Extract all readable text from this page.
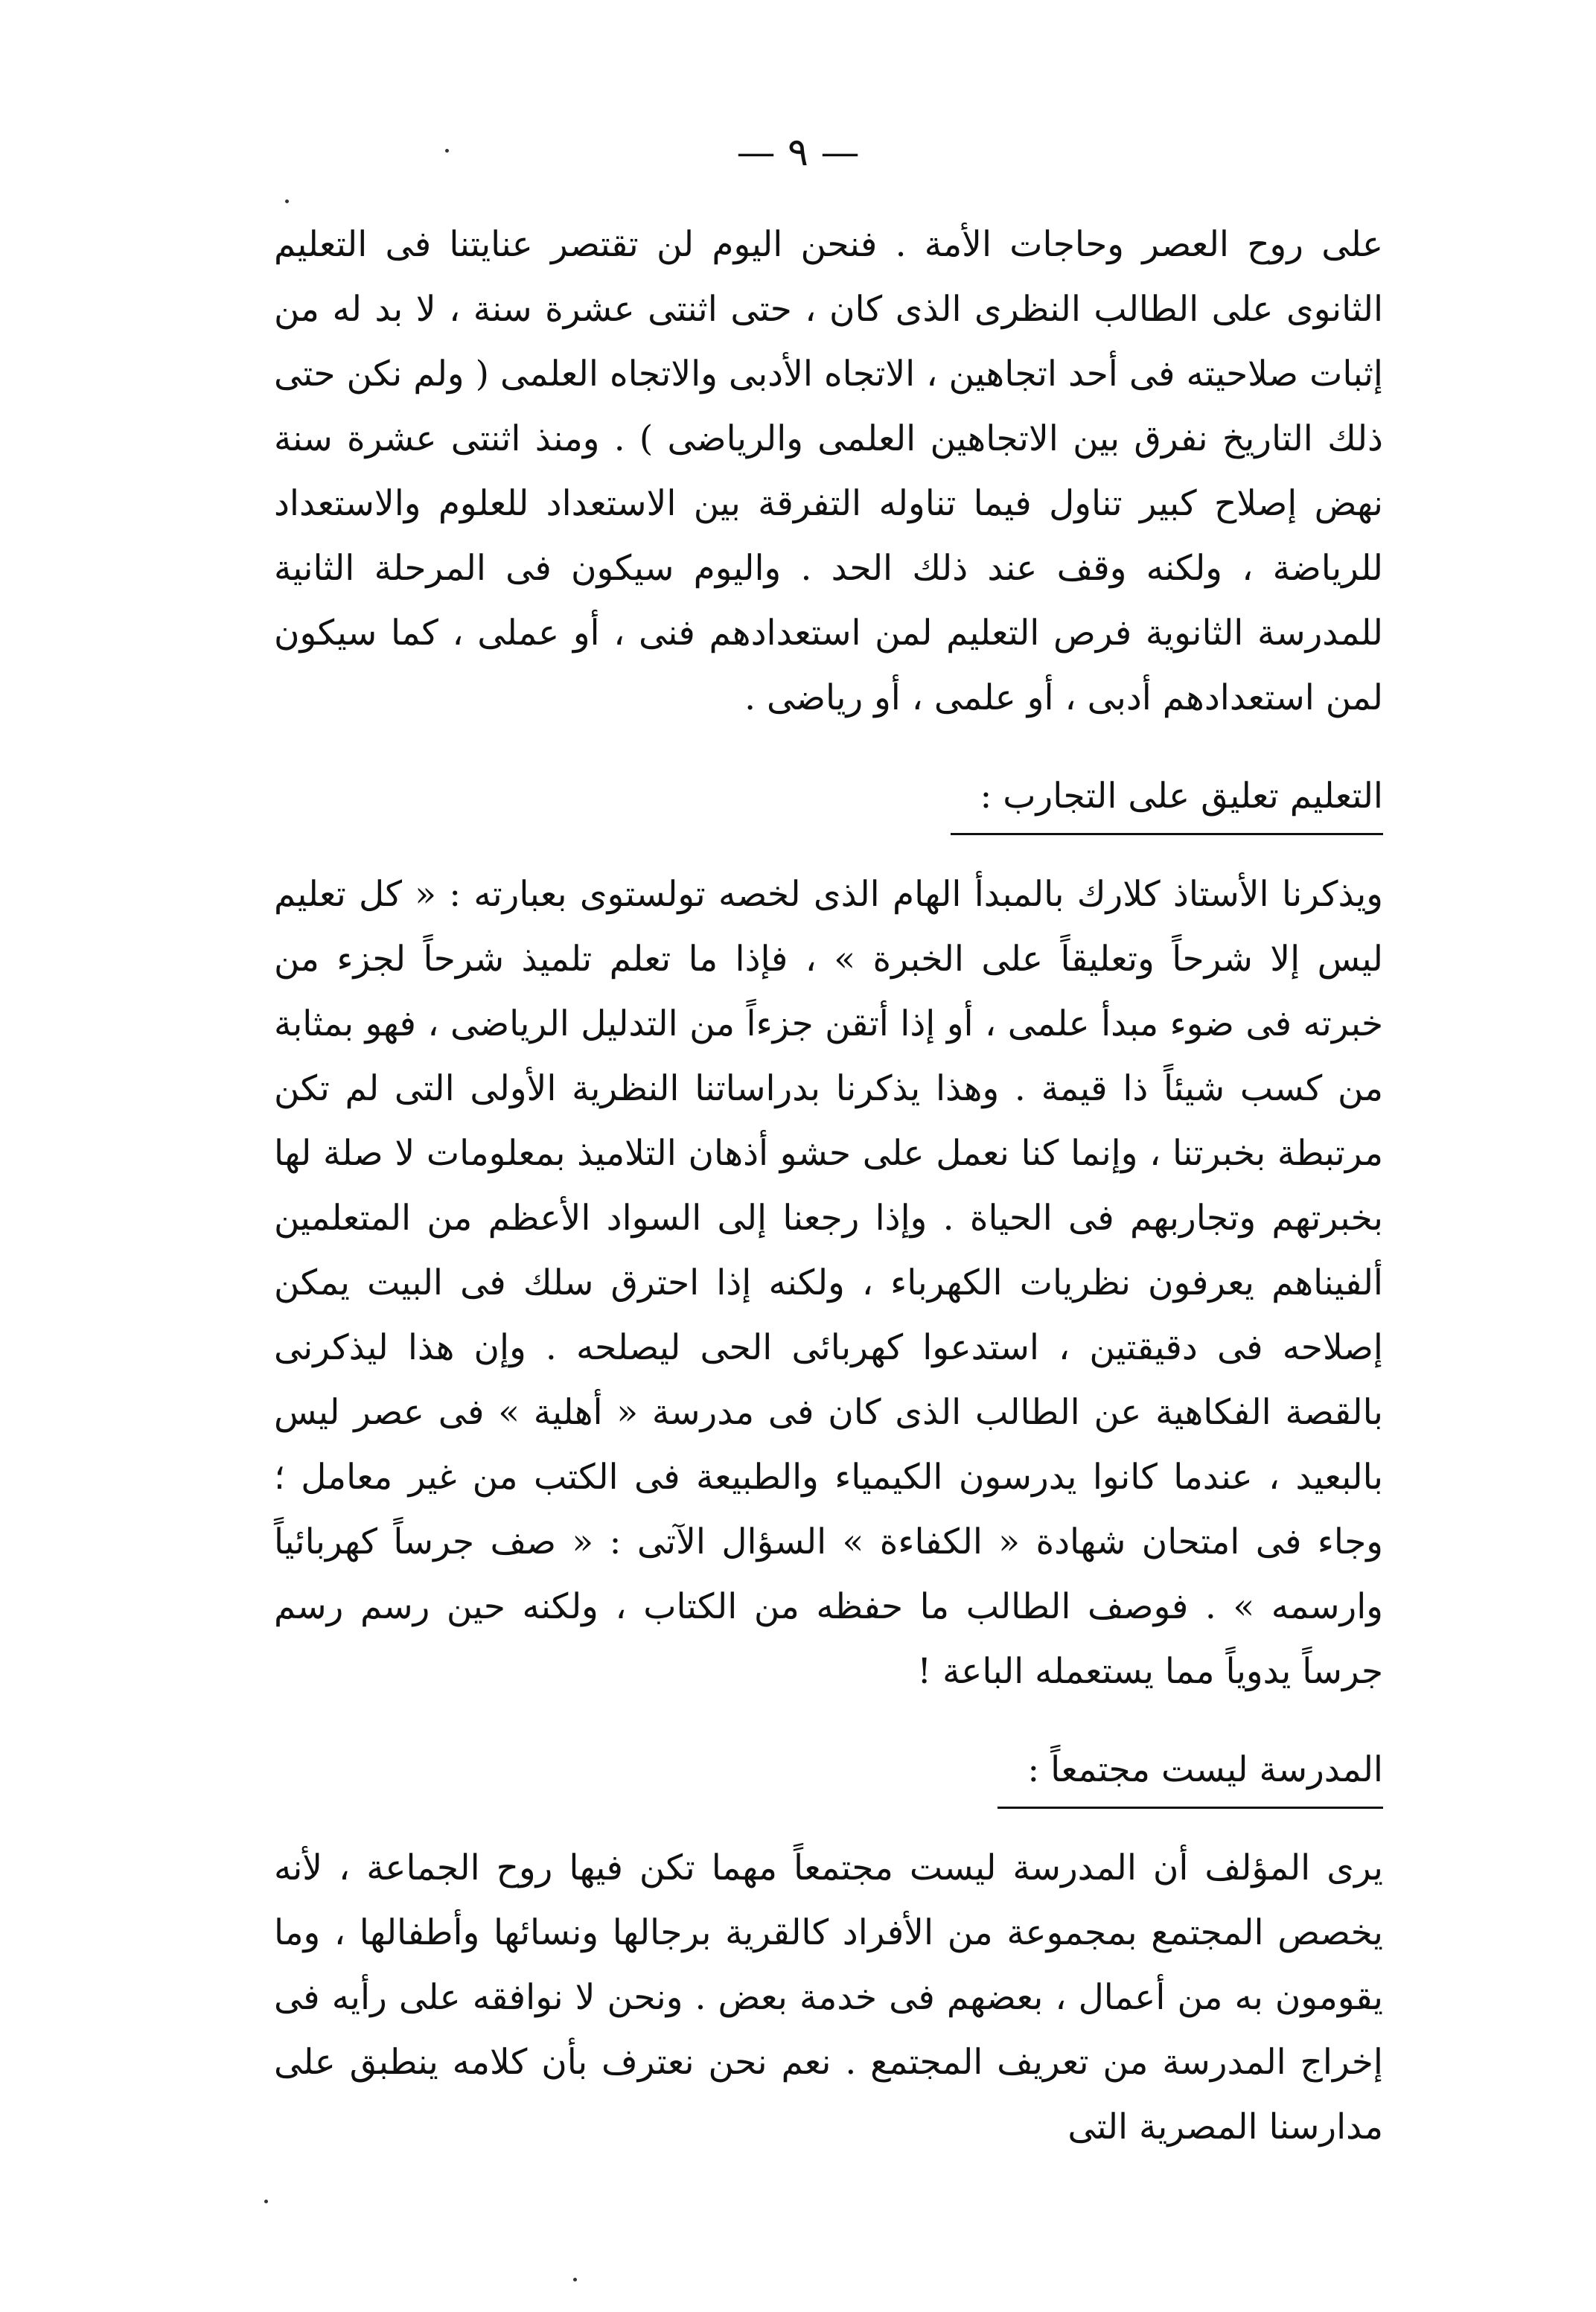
— ٩ —

على روح العصر وحاجات الأمة . فنحن اليوم لن تقتصر عنايتنا فى التعليم الثانوى على الطالب النظرى الذى كان ، حتى اثنتى عشرة سنة ، لا بد له من إثبات صلاحيته فى أحد اتجاهين ، الاتجاه الأدبى والاتجاه العلمى ( ولم نكن حتى ذلك التاريخ نفرق بين الاتجاهين العلمى والرياضى ) . ومنذ اثنتى عشرة سنة نهض إصلاح كبير تناول فيما تناوله التفرقة بين الاستعداد للعلوم والاستعداد للرياضة ، ولكنه وقف عند ذلك الحد . واليوم سيكون فى المرحلة الثانية للمدرسة الثانوية فرص التعليم لمن استعدادهم فنى ، أو عملى ، كما سيكون لمن استعدادهم أدبى ، أو علمى ، أو رياضى .

التعليم تعليق على التجارب :

ويذكرنا الأستاذ كلارك بالمبدأ الهام الذى لخصه تولستوى بعبارته : « كل تعليم ليس إلا شرحاً وتعليقاً على الخبرة » ، فإذا ما تعلم تلميذ شرحاً لجزء من خبرته فى ضوء مبدأ علمى ، أو إذا أتقن جزءاً من التدليل الرياضى ، فهو بمثابة من كسب شيئاً ذا قيمة . وهذا يذكرنا بدراساتنا النظرية الأولى التى لم تكن مرتبطة بخبرتنا ، وإنما كنا نعمل على حشو أذهان التلاميذ بمعلومات لا صلة لها بخبرتهم وتجاربهم فى الحياة . وإذا رجعنا إلى السواد الأعظم من المتعلمين ألفيناهم يعرفون نظريات الكهرباء ، ولكنه إذا احترق سلك فى البيت يمكن إصلاحه فى دقيقتين ، استدعوا كهربائى الحى ليصلحه . وإن هذا ليذكرنى بالقصة الفكاهية عن الطالب الذى كان فى مدرسة « أهلية » فى عصر ليس بالبعيد ، عندما كانوا يدرسون الكيمياء والطبيعة فى الكتب من غير معامل ؛ وجاء فى امتحان شهادة « الكفاءة » السؤال الآتى : « صف جرساً كهربائياً وارسمه » . فوصف الطالب ما حفظه من الكتاب ، ولكنه حين رسم رسم جرساً يدوياً مما يستعمله الباعة !

المدرسة ليست مجتمعاً :

يرى المؤلف أن المدرسة ليست مجتمعاً مهما تكن فيها روح الجماعة ، لأنه يخصص المجتمع بمجموعة من الأفراد كالقرية برجالها ونسائها وأطفالها ، وما يقومون به من أعمال ، بعضهم فى خدمة بعض . ونحن لا نوافقه على رأيه فى إخراج المدرسة من تعريف المجتمع . نعم نحن نعترف بأن كلامه ينطبق على مدارسنا المصرية التى
